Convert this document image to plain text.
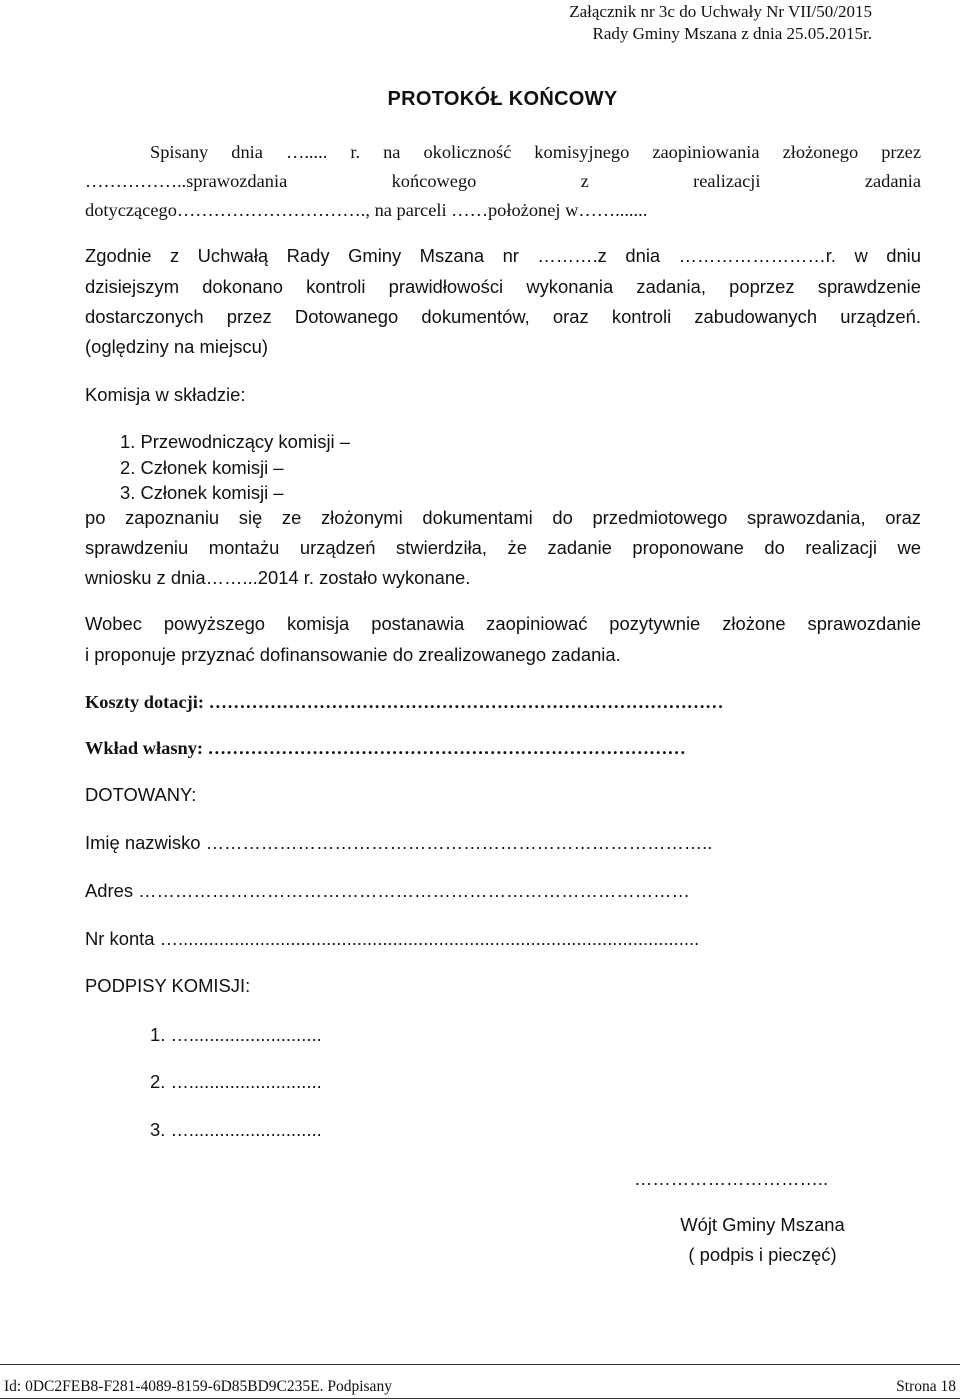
Załącznik nr 3c do Uchwały Nr VII/50/2015
Rady Gminy Mszana z dnia 25.05.2015r.
PROTOKÓŁ KOŃCOWY
Spisany dnia …..... r. na okoliczność komisyjnego zaopiniowania złożonego przez
……………..sprawozdania końcowego z realizacji zadania
dotyczącego…………………………., na parceli ……położonej w…….......
Zgodnie z Uchwałą Rady Gminy Mszana nr ……….z dnia ……………………r. w dniu
dzisiejszym dokonano kontroli prawidłowości wykonania zadania, poprzez sprawdzenie
dostarczonych przez Dotowanego dokumentów, oraz kontroli zabudowanych urządzeń.
(oględziny na miejscu)
Komisja w składzie:
1. Przewodniczący komisji –
2. Członek komisji –
3. Członek komisji –
po zapoznaniu się ze złożonymi dokumentami do przedmiotowego sprawozdania, oraz
sprawdzeniu montażu urządzeń stwierdziła, że zadanie proponowane do realizacji we
wniosku z dnia……...2014 r. zostało wykonane.
Wobec powyższego komisja postanawia zaopiniować pozytywnie złożone sprawozdanie
i proponuje przyznać dofinansowanie do zrealizowanego zadania.
Koszty dotacji: …………………………………………………………………………
Wkład własny: ……………………………………………………………………
DOTOWANY:
Imię nazwisko ………………………………………………………………………..
Adres ………………………………………………………………………………
Nr konta …......................................................................................................
PODPISY KOMISJI:
1. …..........................
2. …..........................
3. …..........................
…………………………..
Wójt Gminy Mszana
( podpis i pieczęć)
Id: 0DC2FEB8-F281-4089-8159-6D85BD9C235E. Podpisany	Strona 18
